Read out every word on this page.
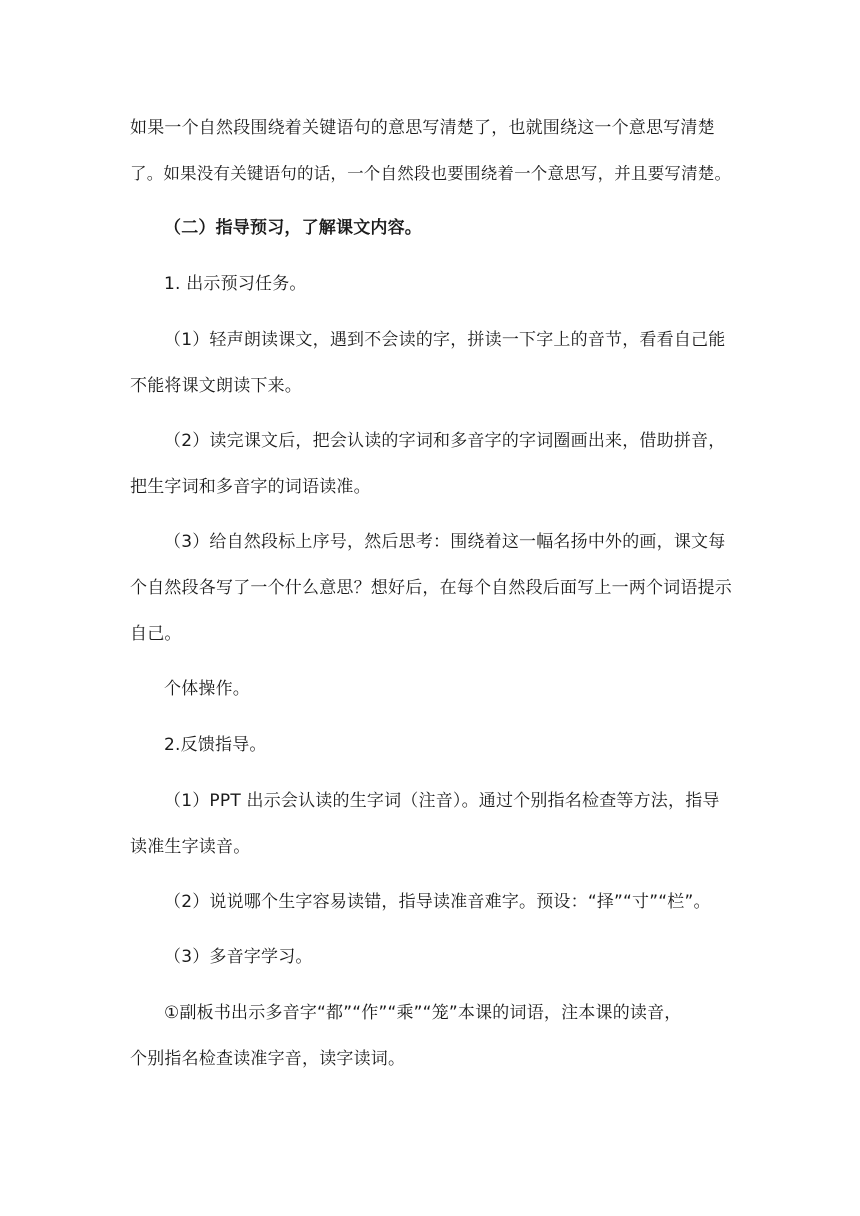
如果一个自然段围绕着关键语句的意思写清楚了，也就围绕这一个意思写清楚
了。如果没有关键语句的话，一个自然段也要围绕着一个意思写，并且要写清楚。
（二）指导预习，了解课文内容。
1. 出示预习任务。
（1）轻声朗读课文，遇到不会读的字，拼读一下字上的音节，看看自己能
不能将课文朗读下来。
（2）读完课文后，把会认读的字词和多音字的字词圈画出来，借助拼音，
把生字词和多音字的词语读准。
（3）给自然段标上序号，然后思考：围绕着这一幅名扬中外的画，课文每
个自然段各写了一个什么意思？想好后，在每个自然段后面写上一两个词语提示
自己。
个体操作。
2.反馈指导。
（1）PPT 出示会认读的生字词（注音）。通过个别指名检查等方法，指导
读准生字读音。
（2）说说哪个生字容易读错，指导读准音难字。预设：“择”“寸”“栏”。
（3）多音字学习。
①副板书出示多音字“都”“作”“乘”“笼”本课的词语，注本课的读音，
个别指名检查读准字音，读字读词。
